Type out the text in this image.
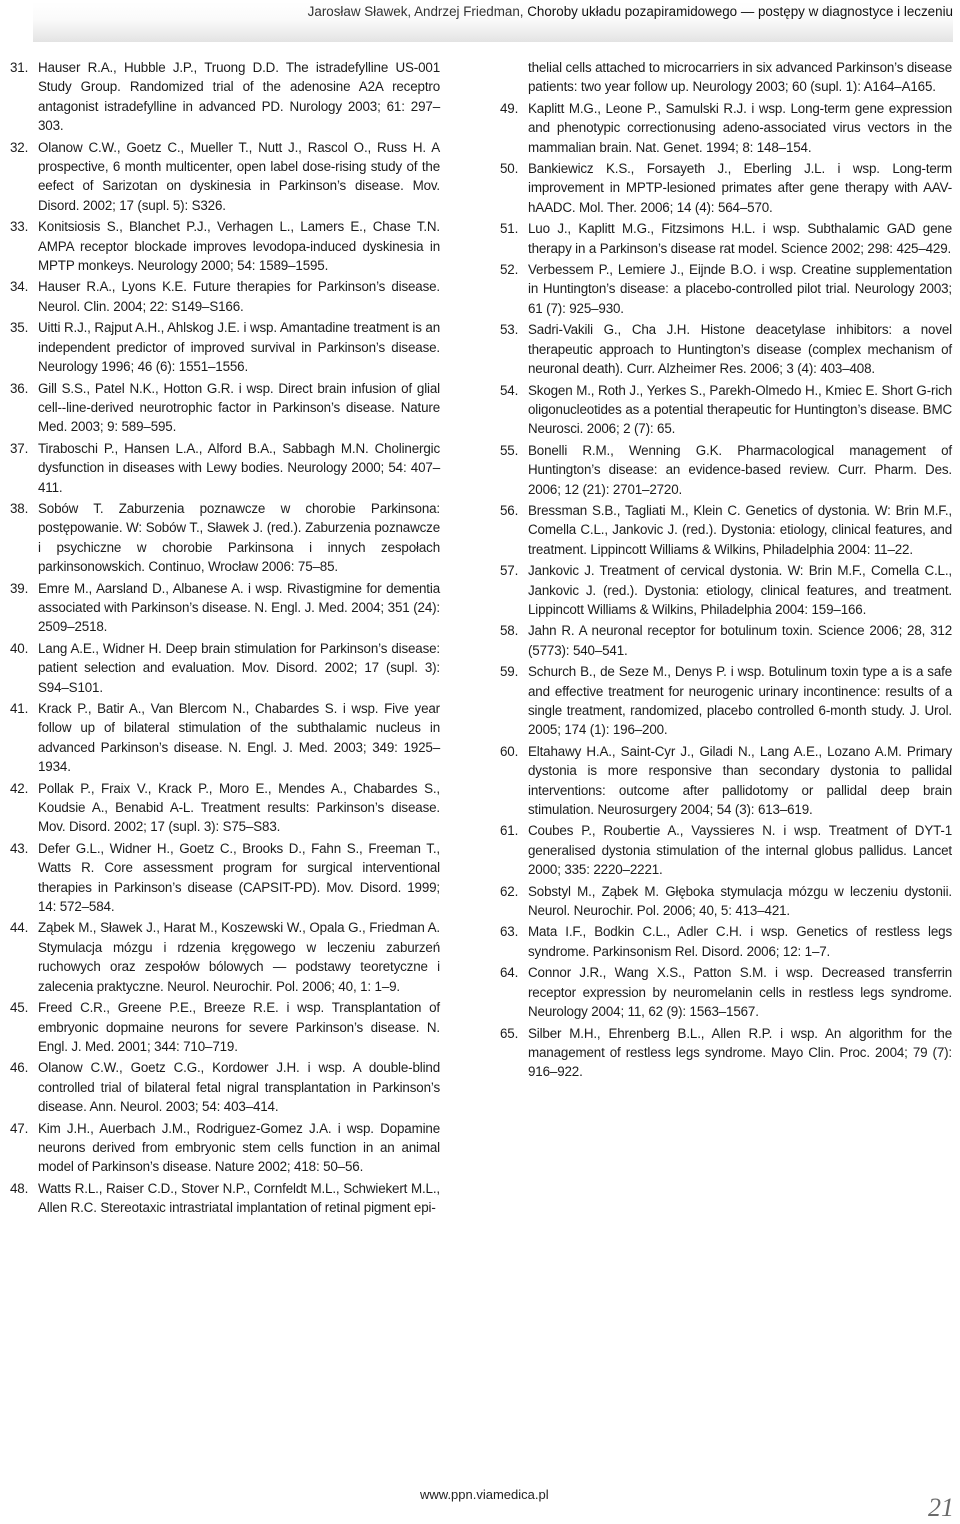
Jarosław Sławek, Andrzej Friedman, Choroby układu pozapiramidowego — postępy w diagnostyce i leczeniu
31. Hauser R.A., Hubble J.P., Truong D.D. The istradefylline US-001 Study Group. Randomized trial of the adenosine A2A receptro antagonist istradefylline in advanced PD. Nurology 2003; 61: 297–303.
32. Olanow C.W., Goetz C., Mueller T., Nutt J., Rascol O., Russ H. A prospective, 6 month multicenter, open label dose-rising study of the eefect of Sarizotan on dyskinesia in Parkinson’s disease. Mov. Disord. 2002; 17 (supl. 5): S326.
33. Konitsiosis S., Blanchet P.J., Verhagen L., Lamers E., Chase T.N. AMPA receptor blockade improves levodopa-induced dyskinesia in MPTP monkeys. Neurology 2000; 54: 1589–1595.
34. Hauser R.A., Lyons K.E. Future therapies for Parkinson’s disease. Neurol. Clin. 2004; 22: S149–S166.
35. Uitti R.J., Rajput A.H., Ahlskog J.E. i wsp. Amantadine treatment is an independent predictor of improved survival in Parkinson’s disease. Neurology 1996; 46 (6): 1551–1556.
36. Gill S.S., Patel N.K., Hotton G.R. i wsp. Direct brain infusion of glial cell--line-derived neurotrophic factor in Parkinson’s disease. Nature Med. 2003; 9: 589–595.
37. Tiraboschi P., Hansen L.A., Alford B.A., Sabbagh M.N. Cholinergic dysfunction in diseases with Lewy bodies. Neurology 2000; 54: 407–411.
38. Sobów T. Zaburzenia poznawcze w chorobie Parkinsona: postępowanie. W: Sobów T., Sławek J. (red.). Zaburzenia poznawcze i psychiczne w chorobie Parkinsona i innych zespołach parkinsonowskich. Continuo, Wrocław 2006: 75–85.
39. Emre M., Aarsland D., Albanese A. i wsp. Rivastigmine for dementia associated with Parkinson’s disease. N. Engl. J. Med. 2004; 351 (24): 2509–2518.
40. Lang A.E., Widner H. Deep brain stimulation for Parkinson’s disease: patient selection and evaluation. Mov. Disord. 2002; 17 (supl. 3): S94–S101.
41. Krack P., Batir A., Van Blercom N., Chabardes S. i wsp. Five year follow up of bilateral stimulation of the subthalamic nucleus in advanced Parkinson’s disease. N. Engl. J. Med. 2003; 349: 1925–1934.
42. Pollak P., Fraix V., Krack P., Moro E., Mendes A., Chabardes S., Koudsie A., Benabid A-L. Treatment results: Parkinson’s disease. Mov. Disord. 2002; 17 (supl. 3): S75–S83.
43. Defer G.L., Widner H., Goetz C., Brooks D., Fahn S., Freeman T., Watts R. Core assessment program for surgical interventional therapies in Parkinson’s disease (CAPSIT-PD). Mov. Disord. 1999; 14: 572–584.
44. Ząbek M., Sławek J., Harat M., Koszewski W., Opala G., Friedman A. Stymulacja mózgu i rdzenia kręgowego w leczeniu zaburzeń ruchowych oraz zespołów bólowych — podstawy teoretyczne i zalecenia praktyczne. Neurol. Neurochir. Pol. 2006; 40, 1: 1–9.
45. Freed C.R., Greene P.E., Breeze R.E. i wsp. Transplantation of embryonic dopmaine neurons for severe Parkinson’s disease. N. Engl. J. Med. 2001; 344: 710–719.
46. Olanow C.W., Goetz C.G., Kordower J.H. i wsp. A double-blind controlled trial of bilateral fetal nigral transplantation in Parkinson’s disease. Ann. Neurol. 2003; 54: 403–414.
47. Kim J.H., Auerbach J.M., Rodriguez-Gomez J.A. i wsp. Dopamine neurons derived from embryonic stem cells function in an animal model of Parkinson’s disease. Nature 2002; 418: 50–56.
48. Watts R.L., Raiser C.D., Stover N.P., Cornfeldt M.L., Schwiekert M.L., Allen R.C. Stereotaxic intrastriatal implantation of retinal pigment epi-
thelial cells attached to microcarriers in six advanced Parkinson’s disease patients: two year follow up. Neurology 2003; 60 (supl. 1): A164–A165.
49. Kaplitt M.G., Leone P., Samulski R.J. i wsp. Long-term gene expression and phenotypic correctionusing adeno-associated virus vectors in the mammalian brain. Nat. Genet. 1994; 8: 148–154.
50. Bankiewicz K.S., Forsayeth J., Eberling J.L. i wsp. Long-term improvement in MPTP-lesioned primates after gene therapy with AAV-hAADC. Mol. Ther. 2006; 14 (4): 564–570.
51. Luo J., Kaplitt M.G., Fitzsimons H.L. i wsp. Subthalamic GAD gene therapy in a Parkinson’s disease rat model. Science 2002; 298: 425–429.
52. Verbessem P., Lemiere J., Eijnde B.O. i wsp. Creatine supplementation in Huntington’s disease: a placebo-controlled pilot trial. Neurology 2003; 61 (7): 925–930.
53. Sadri-Vakili G., Cha J.H. Histone deacetylase inhibitors: a novel therapeutic approach to Huntington’s disease (complex mechanism of neuronal death). Curr. Alzheimer Res. 2006; 3 (4): 403–408.
54. Skogen M., Roth J., Yerkes S., Parekh-Olmedo H., Kmiec E. Short G-rich oligonucleotides as a potential therapeutic for Huntington’s disease. BMC Neurosci. 2006; 2 (7): 65.
55. Bonelli R.M., Wenning G.K. Pharmacological management of Huntington’s disease: an evidence-based review. Curr. Pharm. Des. 2006; 12 (21): 2701–2720.
56. Bressman S.B., Tagliati M., Klein C. Genetics of dystonia. W: Brin M.F., Comella C.L., Jankovic J. (red.). Dystonia: etiology, clinical features, and treatment. Lippincott Williams & Wilkins, Philadelphia 2004: 11–22.
57. Jankovic J. Treatment of cervical dystonia. W: Brin M.F., Comella C.L., Jankovic J. (red.). Dystonia: etiology, clinical features, and treatment. Lippincott Williams & Wilkins, Philadelphia 2004: 159–166.
58. Jahn R. A neuronal receptor for botulinum toxin. Science 2006; 28, 312 (5773): 540–541.
59. Schurch B., de Seze M., Denys P. i wsp. Botulinum toxin type a is a safe and effective treatment for neurogenic urinary incontinence: results of a single treatment, randomized, placebo controlled 6-month study. J. Urol. 2005; 174 (1): 196–200.
60. Eltahawy H.A., Saint-Cyr J., Giladi N., Lang A.E., Lozano A.M. Primary dystonia is more responsive than secondary dystonia to pallidal interventions: outcome after pallidotomy or pallidal deep brain stimulation. Neurosurgery 2004; 54 (3): 613–619.
61. Coubes P., Roubertie A., Vayssieres N. i wsp. Treatment of DYT-1 generalised dystonia stimulation of the internal globus pallidus. Lancet 2000; 335: 2220–2221.
62. Sobstyl M., Ząbek M. Głęboka stymulacja mózgu w leczeniu dystonii. Neurol. Neurochir. Pol. 2006; 40, 5: 413–421.
63. Mata I.F., Bodkin C.L., Adler C.H. i wsp. Genetics of restless legs syndrome. Parkinsonism Rel. Disord. 2006; 12: 1–7.
64. Connor J.R., Wang X.S., Patton S.M. i wsp. Decreased transferrin receptor expression by neuromelanin cells in restless legs syndrome. Neurology 2004; 11, 62 (9): 1563–1567.
65. Silber M.H., Ehrenberg B.L., Allen R.P. i wsp. An algorithm for the management of restless legs syndrome. Mayo Clin. Proc. 2004; 79 (7): 916–922.
www.ppn.viamedica.pl	21
